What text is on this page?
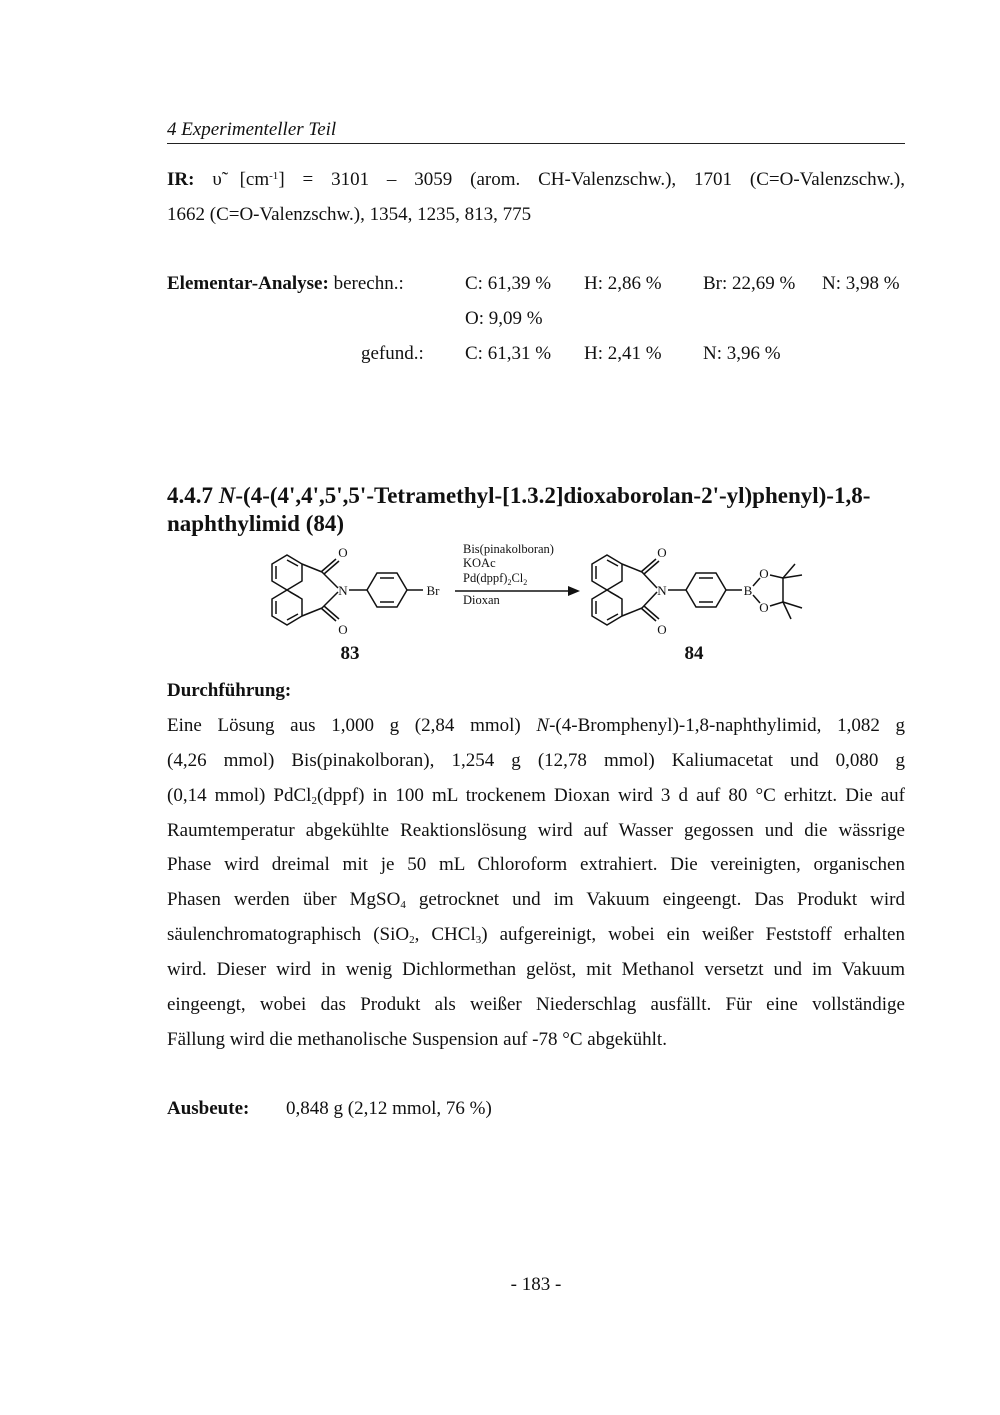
4 Experimenteller Teil
IR: υ̃ $[cm^{-1}] = 3101 - 3059$ (arom. CH-Valenzschw.), 1701 (C=O-Valenzschw.),
1662 (C=O-Valenzschw.), 1354, 1235, 813, 775
Elementar-Analyse: berechn.:	C: 61,39 % H: 2,86 % Br: 22,69 % N: 3,98 %
O: 9,09 %
gefund.: C: 61,31 % H: 2,41 % N: 3,96 %
4.4.7 N-(4-(4',4',5',5'-Tetramethyl-[1.3.2]dioxaborolan-2'-yl)phenyl)-1,8-
naphthylimid (84)
O
N
O
Br
O
N
O
B
O
O
Bis(pinakolboran)
KOAc
$Pd(dppf)_2Cl_2$
Dioxan
83	84
Durchführung:
Eine Lösung aus 1,000 g (2,84 mmol) N-(4-Bromphenyl)-1,8-naphthylimid, 1,082 g
(4,26 mmol) Bis(pinakolboran), 1,254 g (12,78 mmol) Kaliumacetat und 0,080 g
(0,14 mmol) PdCl$_2$(dppf) in 100 mL trockenem Dioxan wird 3 d auf 80 °C erhitzt. Die auf
Raumtemperatur abgekühlte Reaktionslösung wird auf Wasser gegossen und die wässrige
Phase wird dreimal mit je 50 mL Chloroform extrahiert. Die vereinigten, organischen
Phasen werden über MgSO$_4$ getrocknet und im Vakuum eingeengt. Das Produkt wird
säulenchromatographisch (SiO$_2$, CHCl$_3$) aufgereinigt, wobei ein weißer Feststoff erhalten
wird. Dieser wird in wenig Dichlormethan gelöst, mit Methanol versetzt und im Vakuum
eingeengt, wobei das Produkt als weißer Niederschlag ausfällt. Für eine vollständige
Fällung wird die methanolische Suspension auf -78 °C abgekühlt.
Ausbeute: 0,848 g (2,12 mmol, 76 %)
- 183 -
